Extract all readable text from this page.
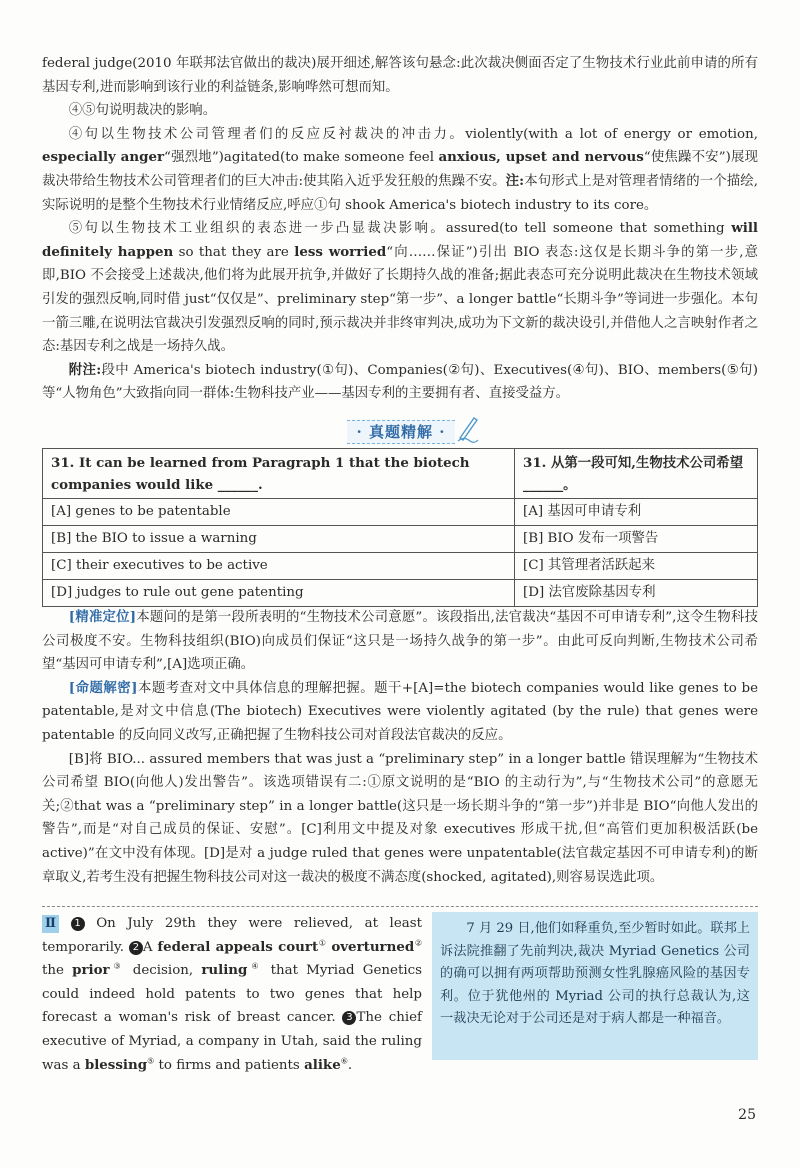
federal judge(2010 年联邦法官做出的裁决)展开细述,解答该句悬念:此次裁决侧面否定了生物技术行业此前申请的所有基因专利,进而影响到该行业的利益链条,影响哗然可想而知。

④⑤句说明裁决的影响。

④句以生物技术公司管理者们的反应反衬裁决的冲击力。violently(with a lot of energy or emotion, especially anger“强烈地”)agitated(to make someone feel anxious, upset and nervous“使焦躁不安”)展现裁决带给生物技术公司管理者们的巨大冲击:使其陷入近乎发狂般的焦躁不安。注:本句形式上是对管理者情绪的一个描绘,实际说明的是整个生物技术行业情绪反应,呼应①句 shook America's biotech industry to its core。

⑤句以生物技术工业组织的表态进一步凸显裁决影响。assured(to tell someone that something will definitely happen so that they are less worried“向……保证”)引出 BIO 表态:这仅是长期斗争的第一步,意即,BIO 不会接受上述裁决,他们将为此展开抗争,并做好了长期持久战的准备;据此表态可充分说明此裁决在生物技术领域引发的强烈反响,同时借 just“仅仅是”、preliminary step“第一步”、a longer battle“长期斗争”等词进一步强化。本句一箭三雕,在说明法官裁决引发强烈反响的同时,预示裁决并非终审判决,成功为下文新的裁决设引,并借他人之言映射作者之态:基因专利之战是一场持久战。

附注:段中 America's biotech industry(①句)、Companies(②句)、Executives(④句)、BIO、members(⑤句)等“人物角色”大致指向同一群体:生物科技产业——基因专利的主要拥有者、直接受益方。

· 真题精解 ·
31. It can be learned from Paragraph 1 that the biotech companies would like ______.	31. 从第一段可知,生物技术公司希望______。
[A] genes to be patentable	[A] 基因可申请专利
[B] the BIO to issue a warning	[B] BIO 发布一项警告
[C] their executives to be active	[C] 其管理者活跃起来
[D] judges to rule out gene patenting	[D] 法官废除基因专利

[精准定位]本题问的是第一段所表明的“生物技术公司意愿”。该段指出,法官裁决“基因不可申请专利”,这令生物科技公司极度不安。生物科技组织(BIO)向成员们保证“这只是一场持久战争的第一步”。由此可反向判断,生物技术公司希望“基因可申请专利”,[A]选项正确。

[命题解密]本题考查对文中具体信息的理解把握。题干+[A]=the biotech companies would like genes to be patentable,是对文中信息(The biotech) Executives were violently agitated (by the rule) that genes were patentable 的反向同义改写,正确把握了生物科技公司对首段法官裁决的反应。

[B]将 BIO... assured members that was just a “preliminary step” in a longer battle 错误理解为“生物技术公司希望 BIO(向他人)发出警告”。该选项错误有二:①原文说明的是“BIO 的主动行为”,与“生物技术公司”的意愿无关;②that was a “preliminary step” in a longer battle(这只是一场长期斗争的“第一步”)并非是 BIO“向他人发出的警告”,而是“对自己成员的保证、安慰”。[C]利用文中提及对象 executives 形成干扰,但“高管们更加积极活跃(be active)”在文中没有体现。[D]是对 a judge ruled that genes were unpatentable(法官裁定基因不可申请专利)的断章取义,若考生没有把握生物科技公司对这一裁决的极度不满态度(shocked, agitated),则容易误选此项。

Ⅱ 1 On July 29th they were relieved, at least temporarily. 2 A federal appeals court① overturned② the prior③ decision, ruling④ that Myriad Genetics could indeed hold patents to two genes that help forecast a woman's risk of breast cancer. 3 The chief executive of Myriad, a company in Utah, said the ruling was a blessing⑤ to firms and patients alike⑥.

7 月 29 日,他们如释重负,至少暂时如此。联邦上诉法院推翻了先前判决,裁决 Myriad Genetics 公司的确可以拥有两项帮助预测女性乳腺癌风险的基因专利。位于犹他州的 Myriad 公司的执行总裁认为,这一裁决无论对于公司还是对于病人都是一种福音。

25
